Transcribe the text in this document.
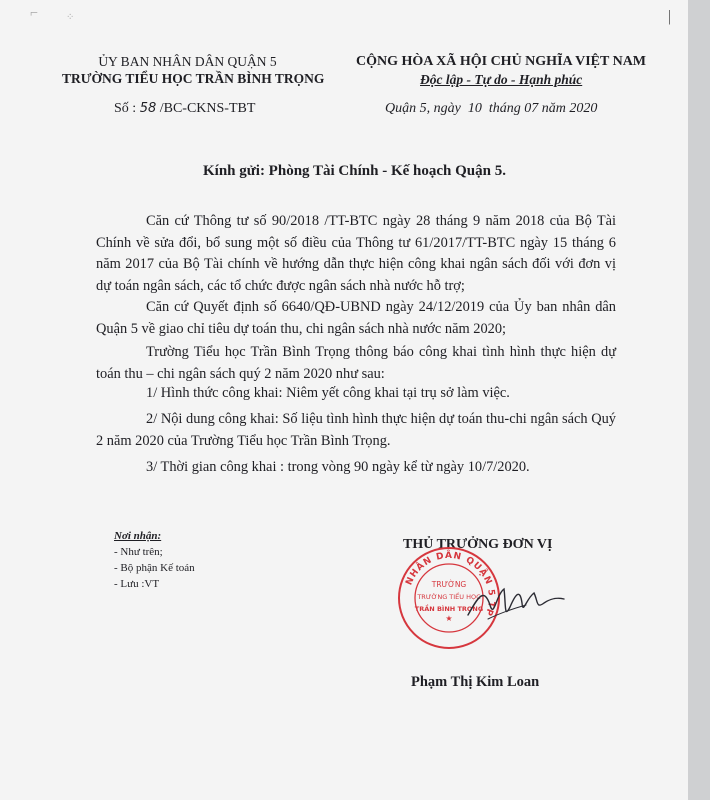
⌐	⁘	|
ỦY BAN NHÂN DÂN QUẬN 5
TRƯỜNG TIỂU HỌC TRẦN BÌNH TRỌNG
CỘNG HÒA XÃ HỘI CHỦ NGHĨA VIỆT NAM
Độc lập - Tự do - Hạnh phúc
Số : 58 /BC-CKNS-TBT	Quận 5, ngày 10 tháng 07 năm 2020
Kính gửi: Phòng Tài Chính - Kế hoạch Quận 5.
Căn cứ Thông tư số 90/2018 /TT-BTC ngày 28 tháng 9 năm 2018 của Bộ Tài Chính về sửa đổi, bổ sung một số điều của Thông tư 61/2017/TT-BTC ngày 15 tháng 6 năm 2017 của Bộ Tài chính về hướng dẫn thực hiện công khai ngân sách đối với đơn vị dự toán ngân sách, các tổ chức được ngân sách nhà nước hỗ trợ;
Căn cứ Quyết định số 6640/QĐ-UBND ngày 24/12/2019 của Ủy ban nhân dân Quận 5 về giao chỉ tiêu dự toán thu, chi ngân sách nhà nước năm 2020;
Trường Tiểu học Trần Bình Trọng thông báo công khai tình hình thực hiện dự toán thu – chi ngân sách quý 2 năm 2020 như sau:
1/ Hình thức công khai: Niêm yết công khai tại trụ sở làm việc.
2/ Nội dung công khai: Số liệu tình hình thực hiện dự toán thu-chi ngân sách Quý 2 năm 2020 của Trường Tiểu học Trần Bình Trọng.
3/ Thời gian công khai : trong vòng 90 ngày kể từ ngày 10/7/2020.
Nơi nhận:
- Như trên;
- Bộ phận Kế toán
- Lưu :VT
THỦ TRƯỞNG ĐƠN VỊ
NHÂN DÂN QUẬN 5 TP
TRƯỜNG
TRƯỜNG TIỂU HỌC
TRẦN BÌNH TRỌNG
★
Phạm Thị Kim Loan
